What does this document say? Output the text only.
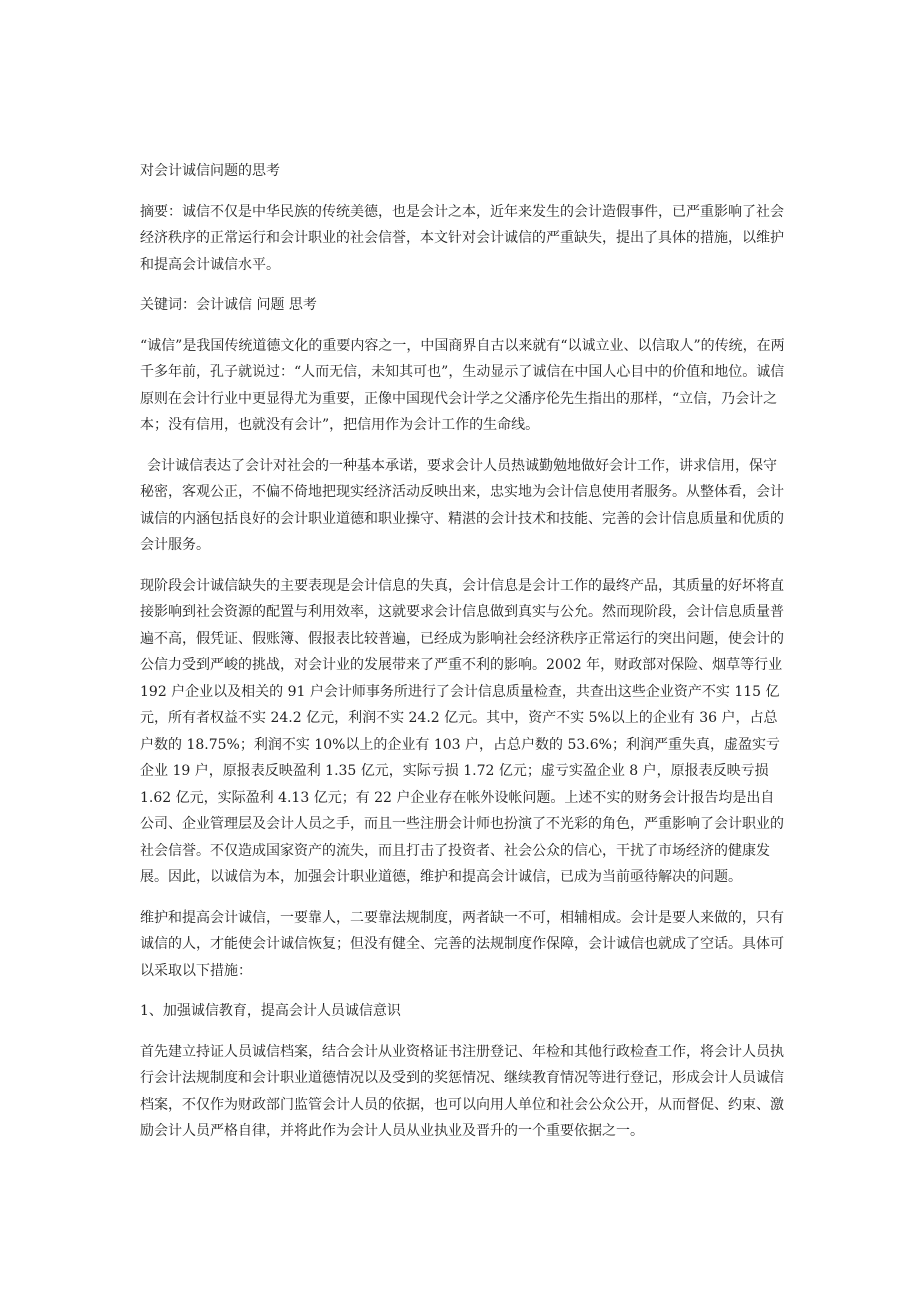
对会计诚信问题的思考

摘要：诚信不仅是中华民族的传统美德，也是会计之本，近年来发生的会计造假事件，已严重影响了社会经济秩序的正常运行和会计职业的社会信誉，本文针对会计诚信的严重缺失，提出了具体的措施，以维护和提高会计诚信水平。

关键词：会计诚信 问题 思考

“诚信”是我国传统道德文化的重要内容之一，中国商界自古以来就有“以诚立业、以信取人”的传统，在两千多年前，孔子就说过：“人而无信，未知其可也”，生动显示了诚信在中国人心目中的价值和地位。诚信原则在会计行业中更显得尤为重要，正像中国现代会计学之父潘序伦先生指出的那样，“立信，乃会计之本；没有信用，也就没有会计”，把信用作为会计工作的生命线。

会计诚信表达了会计对社会的一种基本承诺，要求会计人员热诚勤勉地做好会计工作，讲求信用，保守秘密，客观公正，不偏不倚地把现实经济活动反映出来，忠实地为会计信息使用者服务。从整体看，会计诚信的内涵包括良好的会计职业道德和职业操守、精湛的会计技术和技能、完善的会计信息质量和优质的会计服务。

现阶段会计诚信缺失的主要表现是会计信息的失真，会计信息是会计工作的最终产品，其质量的好坏将直接影响到社会资源的配置与利用效率，这就要求会计信息做到真实与公允。然而现阶段，会计信息质量普遍不高，假凭证、假账簿、假报表比较普遍，已经成为影响社会经济秩序正常运行的突出问题，使会计的公信力受到严峻的挑战，对会计业的发展带来了严重不利的影响。2002 年，财政部对保险、烟草等行业 192 户企业以及相关的 91 户会计师事务所进行了会计信息质量检查，共查出这些企业资产不实 115 亿元，所有者权益不实 24.2 亿元，利润不实 24.2 亿元。其中，资产不实 5%以上的企业有 36 户，占总户数的 18.75%；利润不实 10%以上的企业有 103 户，占总户数的 53.6%；利润严重失真，虚盈实亏企业 19 户，原报表反映盈利 1.35 亿元，实际亏损 1.72 亿元；虚亏实盈企业 8 户，原报表反映亏损 1.62 亿元，实际盈利 4.13 亿元；有 22 户企业存在帐外设帐问题。上述不实的财务会计报告均是出自公司、企业管理层及会计人员之手，而且一些注册会计师也扮演了不光彩的角色，严重影响了会计职业的社会信誉。不仅造成国家资产的流失，而且打击了投资者、社会公众的信心，干扰了市场经济的健康发展。因此，以诚信为本，加强会计职业道德，维护和提高会计诚信，已成为当前亟待解决的问题。

维护和提高会计诚信，一要靠人，二要靠法规制度，两者缺一不可，相辅相成。会计是要人来做的，只有诚信的人，才能使会计诚信恢复；但没有健全、完善的法规制度作保障，会计诚信也就成了空话。具体可以采取以下措施：

1、加强诚信教育，提高会计人员诚信意识

首先建立持证人员诚信档案，结合会计从业资格证书注册登记、年检和其他行政检查工作，将会计人员执行会计法规制度和会计职业道德情况以及受到的奖惩情况、继续教育情况等进行登记，形成会计人员诚信档案，不仅作为财政部门监管会计人员的依据，也可以向用人单位和社会公众公开，从而督促、约束、激励会计人员严格自律，并将此作为会计人员从业执业及晋升的一个重要依据之一。
